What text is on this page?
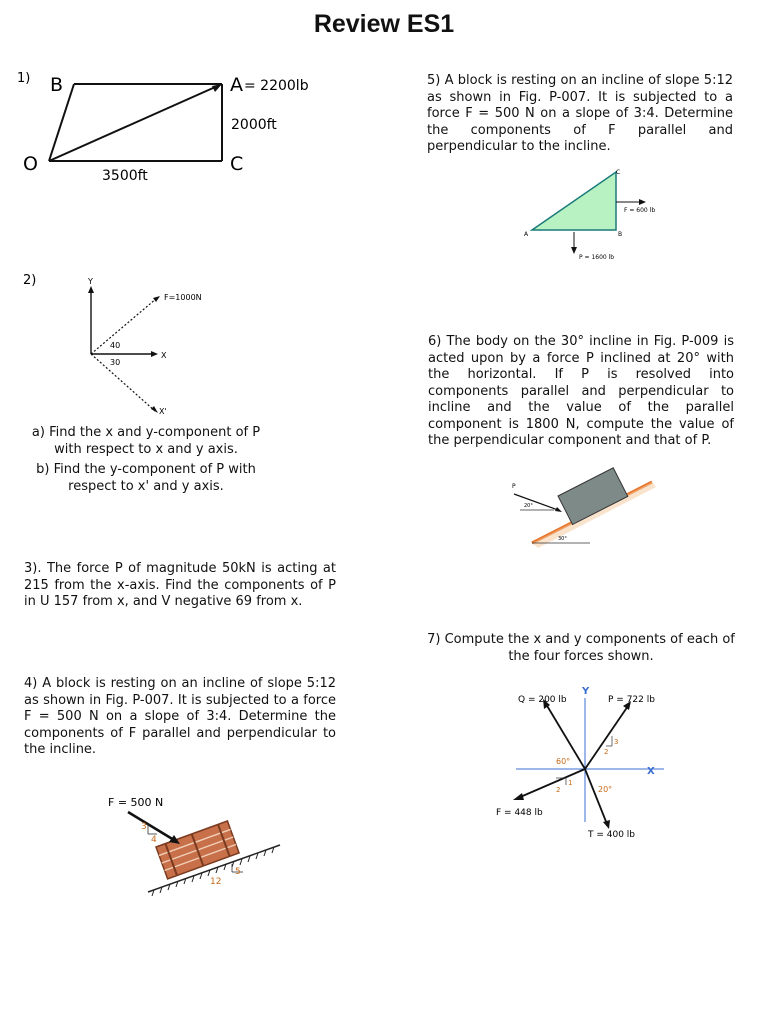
Review ES1
1) B	A = 2200lb
2000ft
O	C
3500ft
2)	Y
X
X'
F=1000N
40
30
a) Find the x and y-component of P with respect to x and y axis.
b) Find the y-component of P with respect to x' and y axis.
3). The force P of magnitude 50kN is acting at 215 from the x-axis. Find the components of P in U 157 from x, and V negative 69 from x.
4) A block is resting on an incline of slope 5:12 as shown in Fig. P-007. It is subjected to a force F = 500 N on a slope of 3:4. Determine the components of F parallel and perpendicular to the incline.
F = 500 N
3
4
5
12
5) A block is resting on an incline of slope 5:12 as shown in Fig. P-007. It is subjected to a force F = 500 N on a slope of 3:4. Determine the components of F parallel and perpendicular to the incline.
C
A	B
F = 600 lb
P = 1600 lb
6) The body on the 30° incline in Fig. P-009 is acted upon by a force P inclined at 20° with the horizontal. If P is resolved into components parallel and perpendicular to incline and the value of the parallel component is 1800 N, compute the value of the perpendicular component and that of P.
30°
P
20°
7) Compute the x and y components of each of the four forces shown.
Y
X
Q = 200 lb	P = 722 lb
3
2
F = 448 lb
1
2
T = 400 lb
60°
20°
